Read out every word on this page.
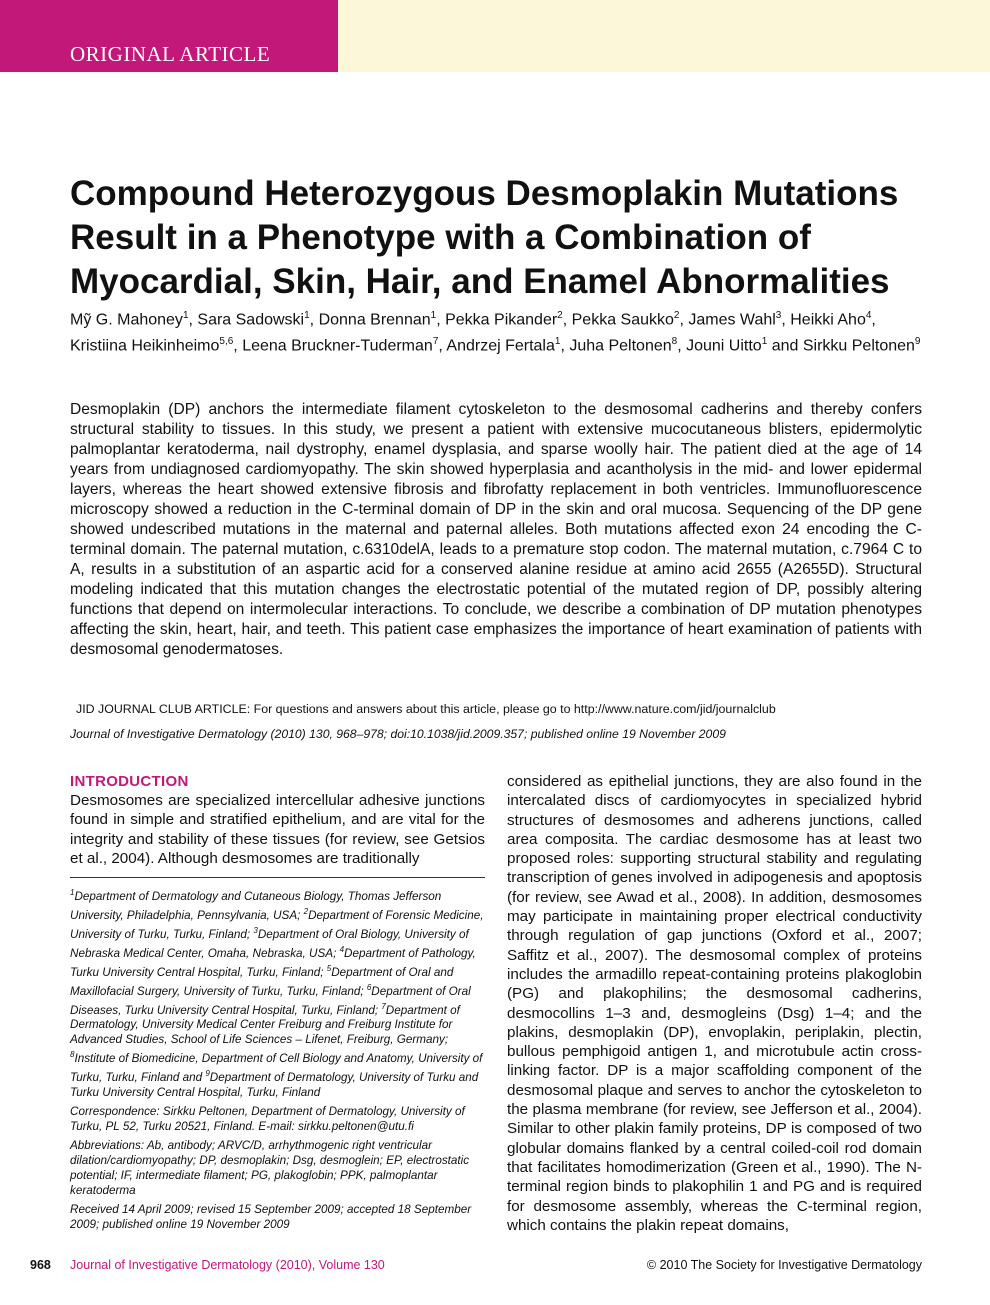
ORIGINAL ARTICLE
Compound Heterozygous Desmoplakin Mutations Result in a Phenotype with a Combination of Myocardial, Skin, Hair, and Enamel Abnormalities
Mỹ G. Mahoney$^1$, Sara Sadowski$^1$, Donna Brennan$^1$, Pekka Pikander$^2$, Pekka Saukko$^2$, James Wahl$^3$, Heikki Aho$^4$, Kristiina Heikinheimo$^{5,6}$, Leena Bruckner-Tuderman$^7$, Andrzej Fertala$^1$, Juha Peltonen$^8$, Jouni Uitto$^1$ and Sirkku Peltonen$^9$
Desmoplakin (DP) anchors the intermediate filament cytoskeleton to the desmosomal cadherins and thereby confers structural stability to tissues. In this study, we present a patient with extensive mucocutaneous blisters, epidermolytic palmoplantar keratoderma, nail dystrophy, enamel dysplasia, and sparse woolly hair. The patient died at the age of 14 years from undiagnosed cardiomyopathy. The skin showed hyperplasia and acantholysis in the mid- and lower epidermal layers, whereas the heart showed extensive fibrosis and fibrofatty replacement in both ventricles. Immunofluorescence microscopy showed a reduction in the C-terminal domain of DP in the skin and oral mucosa. Sequencing of the DP gene showed undescribed mutations in the maternal and paternal alleles. Both mutations affected exon 24 encoding the C-terminal domain. The paternal mutation, c.6310delA, leads to a premature stop codon. The maternal mutation, c.7964 C to A, results in a substitution of an aspartic acid for a conserved alanine residue at amino acid 2655 (A2655D). Structural modeling indicated that this mutation changes the electrostatic potential of the mutated region of DP, possibly altering functions that depend on intermolecular interactions. To conclude, we describe a combination of DP mutation phenotypes affecting the skin, heart, hair, and teeth. This patient case emphasizes the importance of heart examination of patients with desmosomal genodermatoses.
JID JOURNAL CLUB ARTICLE: For questions and answers about this article, please go to http://www.nature.com/jid/journalclub
Journal of Investigative Dermatology (2010) 130, 968–978; doi:10.1038/jid.2009.357; published online 19 November 2009
INTRODUCTION
Desmosomes are specialized intercellular adhesive junctions found in simple and stratified epithelium, and are vital for the integrity and stability of these tissues (for review, see Getsios et al., 2004). Although desmosomes are traditionally
$^1$Department of Dermatology and Cutaneous Biology, Thomas Jefferson University, Philadelphia, Pennsylvania, USA; $^2$Department of Forensic Medicine, University of Turku, Turku, Finland; $^3$Department of Oral Biology, University of Nebraska Medical Center, Omaha, Nebraska, USA; $^4$Department of Pathology, Turku University Central Hospital, Turku, Finland; $^5$Department of Oral and Maxillofacial Surgery, University of Turku, Turku, Finland; $^6$Department of Oral Diseases, Turku University Central Hospital, Turku, Finland; $^7$Department of Dermatology, University Medical Center Freiburg and Freiburg Institute for Advanced Studies, School of Life Sciences – Lifenet, Freiburg, Germany; $^8$Institute of Biomedicine, Department of Cell Biology and Anatomy, University of Turku, Turku, Finland and $^9$Department of Dermatology, University of Turku and Turku University Central Hospital, Turku, Finland
Correspondence: Sirkku Peltonen, Department of Dermatology, University of Turku, PL 52, Turku 20521, Finland. E-mail: sirkku.peltonen@utu.fi
Abbreviations: Ab, antibody; ARVC/D, arrhythmogenic right ventricular dilation/cardiomyopathy; DP, desmoplakin; Dsg, desmoglein; EP, electrostatic potential; IF, intermediate filament; PG, plakoglobin; PPK, palmoplantar keratoderma
Received 14 April 2009; revised 15 September 2009; accepted 18 September 2009; published online 19 November 2009
considered as epithelial junctions, they are also found in the intercalated discs of cardiomyocytes in specialized hybrid structures of desmosomes and adherens junctions, called area composita. The cardiac desmosome has at least two proposed roles: supporting structural stability and regulating transcription of genes involved in adipogenesis and apoptosis (for review, see Awad et al., 2008). In addition, desmosomes may participate in maintaining proper electrical conductivity through regulation of gap junctions (Oxford et al., 2007; Saffitz et al., 2007). The desmosomal complex of proteins includes the armadillo repeat-containing proteins plakoglobin (PG) and plakophilins; the desmosomal cadherins, desmocollins 1–3 and, desmogleins (Dsg) 1–4; and the plakins, desmoplakin (DP), envoplakin, periplakin, plectin, bullous pemphigoid antigen 1, and microtubule actin cross-linking factor. DP is a major scaffolding component of the desmosomal plaque and serves to anchor the cytoskeleton to the plasma membrane (for review, see Jefferson et al., 2004). Similar to other plakin family proteins, DP is composed of two globular domains flanked by a central coiled-coil rod domain that facilitates homodimerization (Green et al., 1990). The N-terminal region binds to plakophilin 1 and PG and is required for desmosome assembly, whereas the C-terminal region, which contains the plakin repeat domains,
968 Journal of Investigative Dermatology (2010), Volume 130	© 2010 The Society for Investigative Dermatology
